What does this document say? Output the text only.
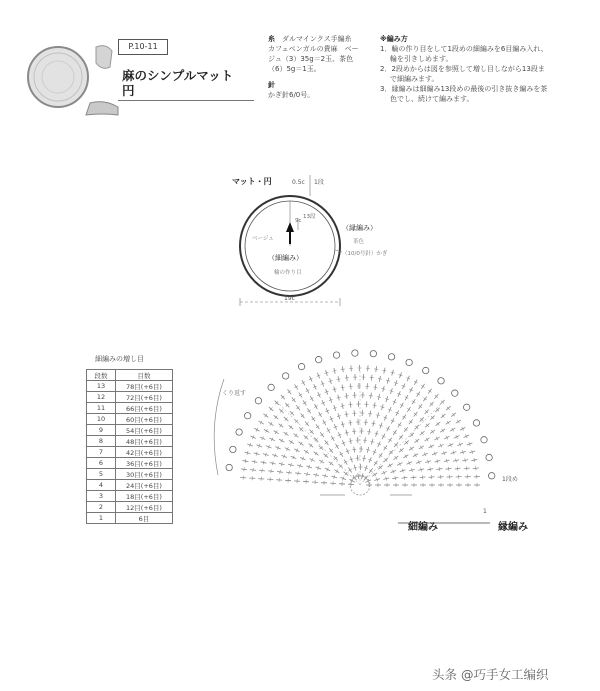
P.10-11
麻のシンプルマット
円
糸　 ダルマインクス手編糸
カフェベンガルの貴麻　ベー
ジュ（3）35g＝2玉、茶色
（6）5g＝1玉。
針
かぎ針6/0号。
※編み方
1．輪の作り目をして1段めの細編みを6目編み入れ、
輪を引きしめます。
2．2段めからは図を参照して増し目しながら13段ま
で細編みます。
3．縁編みは細編み13段めの最後の引き抜き編みを茶
色でし、続けて編みます。
マット・円	0.5c 1段
ベージュ
9c
13段
（縁編み）
茶色
（10/0号針）かぎ
（細編み）
輪の作り目
19c
細編みの増し目
段数	目数
13	78目(+6目)
12	72目(+6目)
11	66目(+6目)
10	60目(+6目)
9	54目(+6目)
8	48目(+6目)
7	42目(+6目)
6	36目(+6目)
5	30目(+6目)
4	24目(+6目)
3	18目(+6目)
2	12目(+6目)
1	6目
くり返す
細編み	縁編み
1段め
1
头条 @巧手女工编织
